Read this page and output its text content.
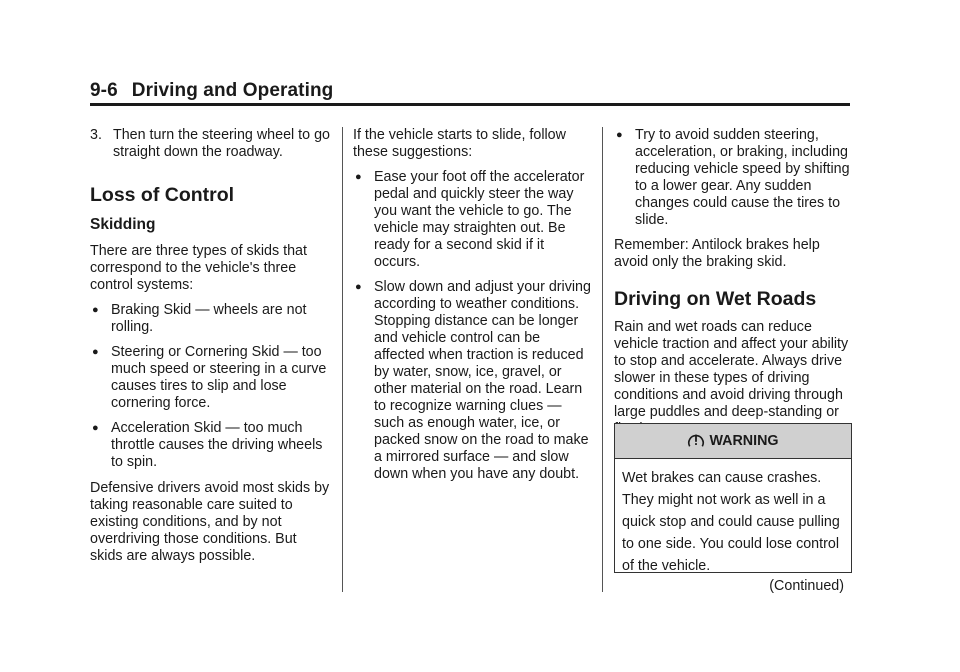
9-6 Driving and Operating

3. Then turn the steering wheel to go straight down the roadway.

Loss of Control
Skidding

There are three types of skids that correspond to the vehicle's three control systems:

● Braking Skid — wheels are not rolling.
● Steering or Cornering Skid — too much speed or steering in a curve causes tires to slip and lose cornering force.
● Acceleration Skid — too much throttle causes the driving wheels to spin.

Defensive drivers avoid most skids by taking reasonable care suited to existing conditions, and by not overdriving those conditions. But skids are always possible.

If the vehicle starts to slide, follow these suggestions:

● Ease your foot off the accelerator pedal and quickly steer the way you want the vehicle to go. The vehicle may straighten out. Be ready for a second skid if it occurs.
● Slow down and adjust your driving according to weather conditions. Stopping distance can be longer and vehicle control can be affected when traction is reduced by water, snow, ice, gravel, or other material on the road. Learn to recognize warning clues — such as enough water, ice, or packed snow on the road to make a mirrored surface — and slow down when you have any doubt.
● Try to avoid sudden steering, acceleration, or braking, including reducing vehicle speed by shifting to a lower gear. Any sudden changes could cause the tires to slide.

Remember: Antilock brakes help avoid only the braking skid.

Driving on Wet Roads

Rain and wet roads can reduce vehicle traction and affect your ability to stop and accelerate. Always drive slower in these types of driving conditions and avoid driving through large puddles and deep-standing or

WARNING

Wet brakes can cause crashes. They might not work as well in a quick stop and could cause pulling to one side. You could lose control of the vehicle.

(Continued)
